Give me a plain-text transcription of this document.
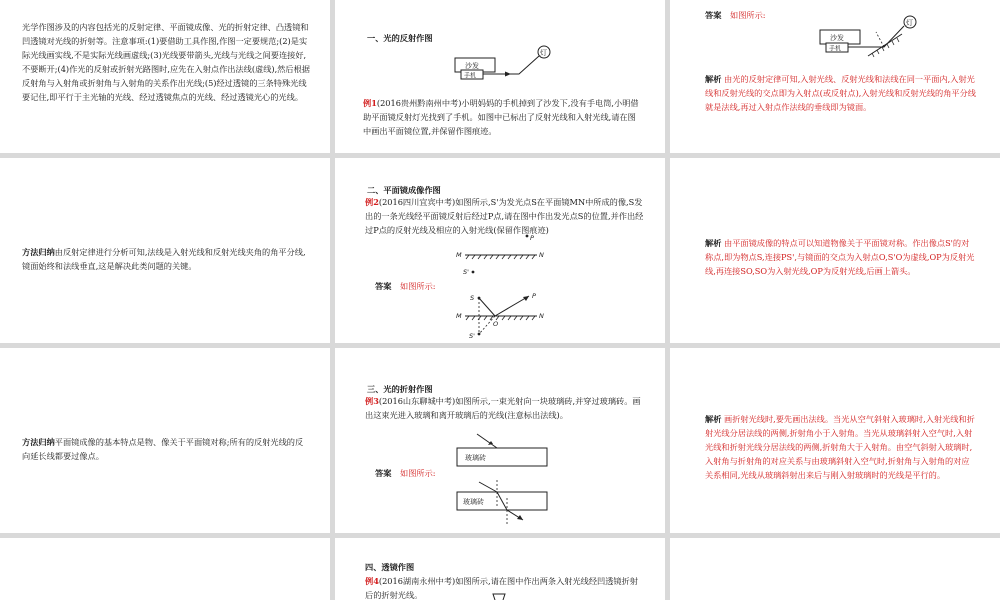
光学作图涉及的内容包括光的反射定律、平面镜成像、光的折射定律、凸透镜和凹透镜对光线的折射等。注意事项:(1)要借助工具作图,作图一定要规范;(2)是实际光线画实线,不是实际光线画虚线;(3)光线要带箭头,光线与光线之间要连接好,不要断开;(4)作光的反射或折射光路图时,应先在入射点作出法线(虚线),然后根据反射角与入射角或折射角与入射角的关系作出光线;(5)经过透镜的三条特殊光线要记住,即平行于主光轴的光线、经过透镜焦点的光线、经过透镜光心的光线。
一、光的反射作图
沙发
手机
灯
例1(2016贵州黔南州中考)小明妈妈的手机掉到了沙发下,没有手电筒,小明借助平面镜反射灯光找到了手机。如图中已标出了反射光线和入射光线,请在图中画出平面镜位置,并保留作图痕迹。
答案 如图所示:
沙发
手机
灯
解析 由光的反射定律可知,入射光线、反射光线和法线在同一平面内,入射光线和反射光线的交点即为入射点(或反射点),入射光线和反射光线的角平分线就是法线,再过入射点作法线的垂线即为镜面。
方法归纳由反射定律进行分析可知,法线是入射光线和反射光线夹角的角平分线,镜面始终和法线垂直,这是解决此类问题的关键。
二、平面镜成像作图
例2(2016四川宜宾中考)如图所示,S'为发光点S在平面镜MN中所成的像,S发出的一条光线经平面镜反射后经过P点,请在图中作出发光点S的位置,并作出经过P点的反射光线及相应的入射光线(保留作图痕迹)
P
M	N
S'
答案 如图所示:
S	P
M	N
O
S'
解析 由平面镜成像的特点可以知道物像关于平面镜对称。作出像点S'的对称点,即为物点S,连接PS',与镜面的交点为入射点O,S'O为虚线,OP为反射光线,再连接SO,SO为入射光线,OP为反射光线,后画上箭头。
方法归纳平面镜成像的基本特点是物、像关于平面镜对称;所有的反射光线的反向延长线都要过像点。
三、光的折射作图
例3(2016山东聊城中考)如图所示,一束光射向一块玻璃砖,并穿过玻璃砖。画出这束光进入玻璃和离开玻璃后的光线(注意标出法线)。
玻璃砖
答案 如图所示:
玻璃砖
解析 画折射光线时,要先画出法线。当光从空气斜射入玻璃时,入射光线和折射光线分居法线的两侧,折射角小于入射角。当光从玻璃斜射入空气时,入射光线和折射光线分居法线的两侧,折射角大于入射角。由空气斜射入玻璃时,入射角与折射角的对应关系与由玻璃斜射入空气时,折射角与入射角的对应关系相同,光线从玻璃斜射出来后与刚入射玻璃时的光线是平行的。
四、透镜作图
例4(2016湖南永州中考)如图所示,请在图中作出两条入射光线经凹透镜折射后的折射光线。
